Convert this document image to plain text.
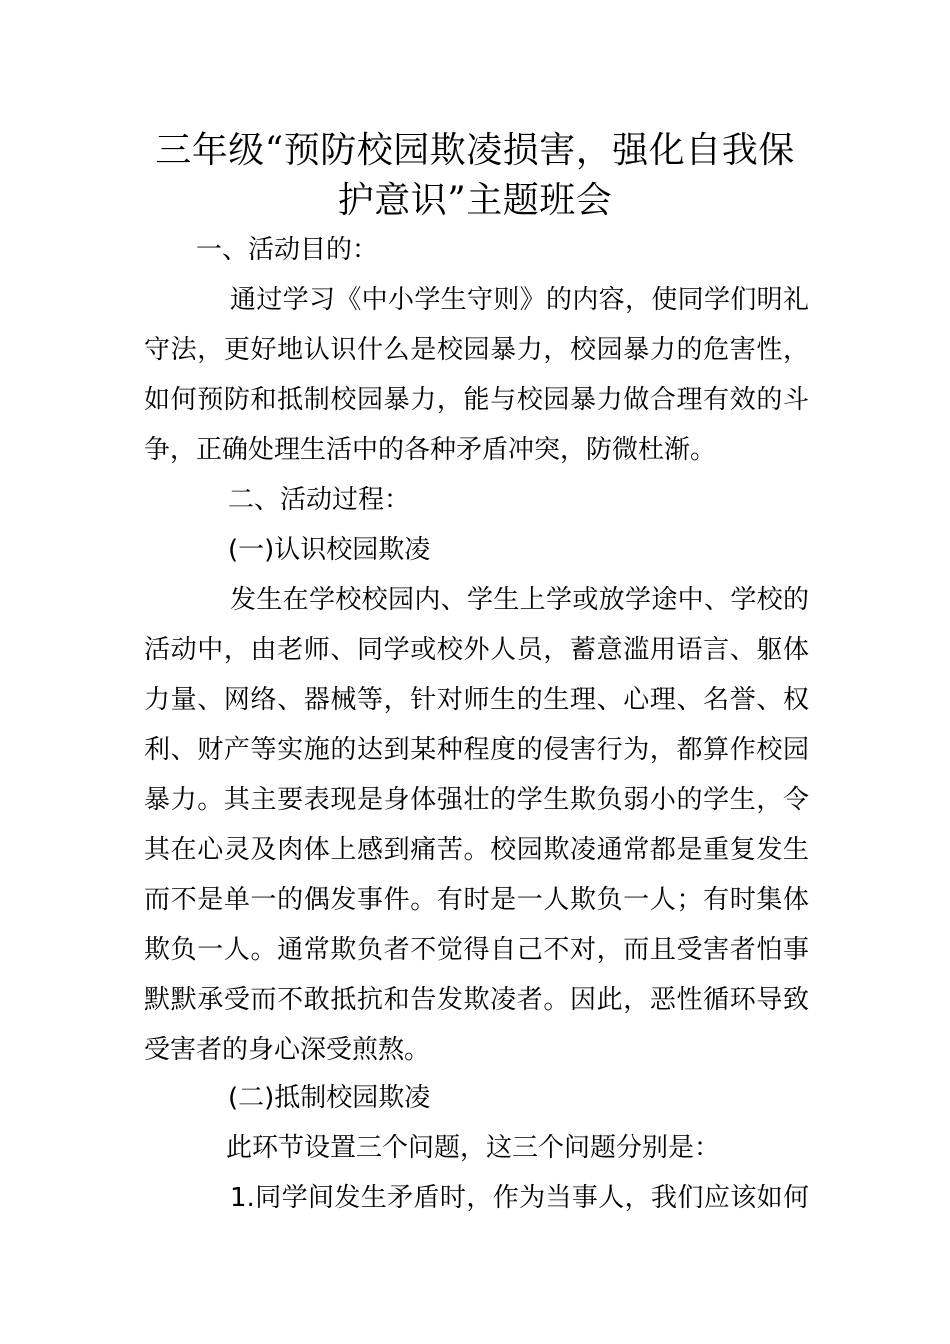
三年级“预防校园欺凌损害，强化自我保
护意识”主题班会

一、活动目的：

通过学习《中小学生守则》的内容，使同学们明礼

守法，更好地认识什么是校园暴力，校园暴力的危害性，

如何预防和抵制校园暴力，能与校园暴力做合理有效的斗

争，正确处理生活中的各种矛盾冲突，防微杜渐。

二、活动过程：

(一)认识校园欺凌

发生在学校校园内、学生上学或放学途中、学校的

活动中，由老师、同学或校外人员，蓄意滥用语言、躯体

力量、网络、器械等，针对师生的生理、心理、名誉、权

利、财产等实施的达到某种程度的侵害行为，都算作校园

暴力。其主要表现是身体强壮的学生欺负弱小的学生，令

其在心灵及肉体上感到痛苦。校园欺凌通常都是重复发生

而不是单一的偶发事件。有时是一人欺负一人；有时集体

欺负一人。通常欺负者不觉得自己不对，而且受害者怕事

默默承受而不敢抵抗和告发欺凌者。因此，恶性循环导致

受害者的身心深受煎熬。

(二)抵制校园欺凌

此环节设置三个问题，这三个问题分别是：

1.同学间发生矛盾时，作为当事人，我们应该如何
